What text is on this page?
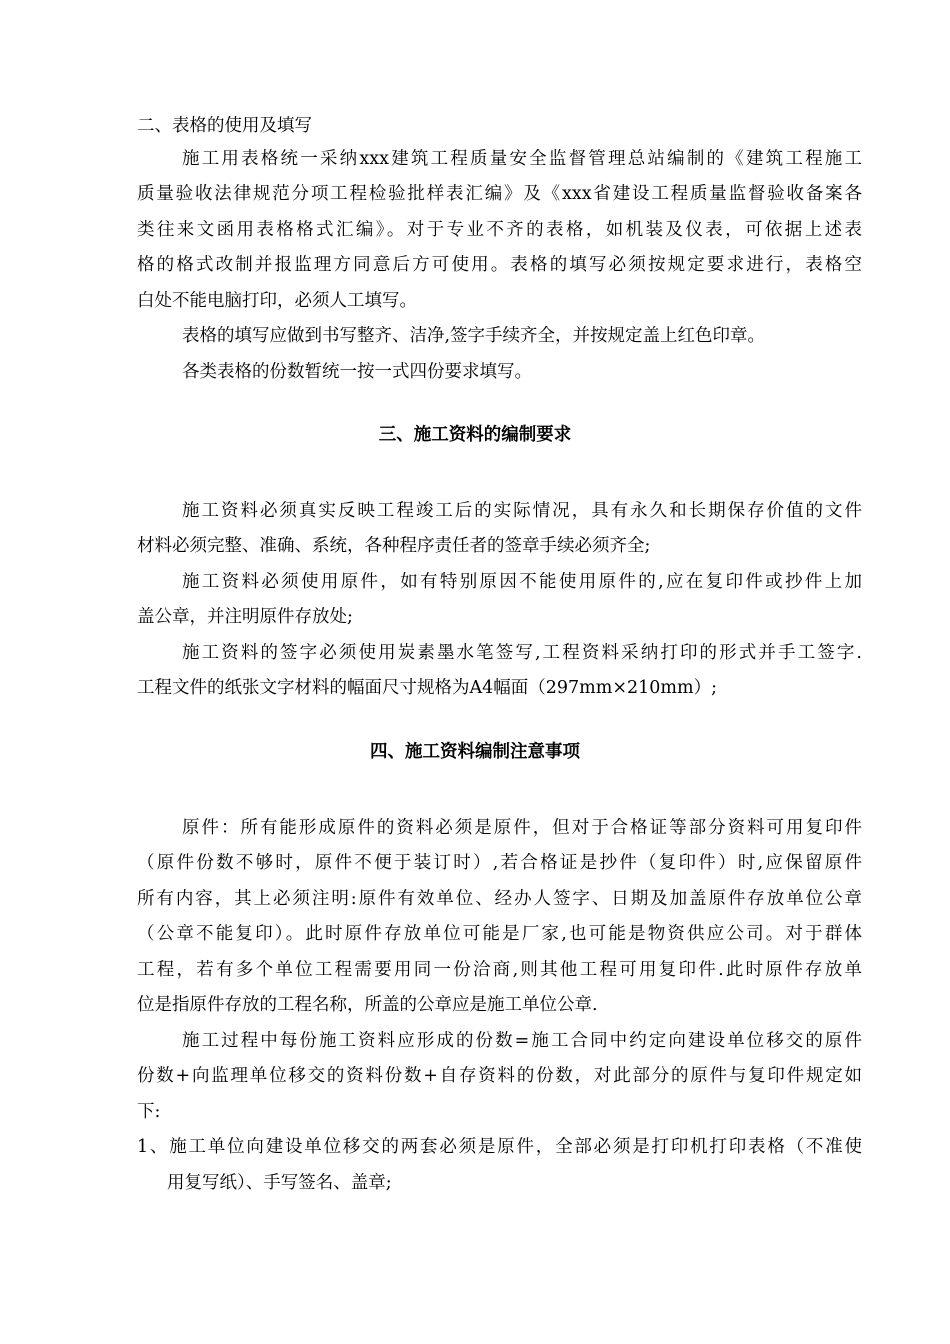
二、表格的使用及填写
施工用表格统一采纳xxx建筑工程质量安全监督管理总站编制的《建筑工程施工
质量验收法律规范分项工程检验批样表汇编》及《xxx省建设工程质量监督验收备案各
类往来文函用表格格式汇编》。对于专业不齐的表格，如机装及仪表，可依据上述表
格的格式改制并报监理方同意后方可使用。表格的填写必须按规定要求进行，表格空
白处不能电脑打印，必须人工填写。
表格的填写应做到书写整齐、洁净,签字手续齐全，并按规定盖上红色印章。
各类表格的份数暂统一按一式四份要求填写。
三、施工资料的编制要求
施工资料必须真实反映工程竣工后的实际情况，具有永久和长期保存价值的文件
材料必须完整、准确、系统，各种程序责任者的签章手续必须齐全;
施工资料必须使用原件，如有特别原因不能使用原件的,应在复印件或抄件上加
盖公章，并注明原件存放处;
施工资料的签字必须使用炭素墨水笔签写,工程资料采纳打印的形式并手工签字.
工程文件的纸张文字材料的幅面尺寸规格为A4幅面（297mm×210mm）;
四、施工资料编制注意事项
原件：所有能形成原件的资料必须是原件，但对于合格证等部分资料可用复印件
（原件份数不够时，原件不便于装订时）,若合格证是抄件（复印件）时,应保留原件
所有内容，其上必须注明:原件有效单位、经办人签字、日期及加盖原件存放单位公章
（公章不能复印）。此时原件存放单位可能是厂家,也可能是物资供应公司。对于群体
工程，若有多个单位工程需要用同一份洽商,则其他工程可用复印件.此时原件存放单
位是指原件存放的工程名称，所盖的公章应是施工单位公章.
施工过程中每份施工资料应形成的份数=施工合同中约定向建设单位移交的原件
份数+向监理单位移交的资料份数+自存资料的份数，对此部分的原件与复印件规定如
下:
1、施工单位向建设单位移交的两套必须是原件，全部必须是打印机打印表格（不准使
用复写纸）、手写签名、盖章;
